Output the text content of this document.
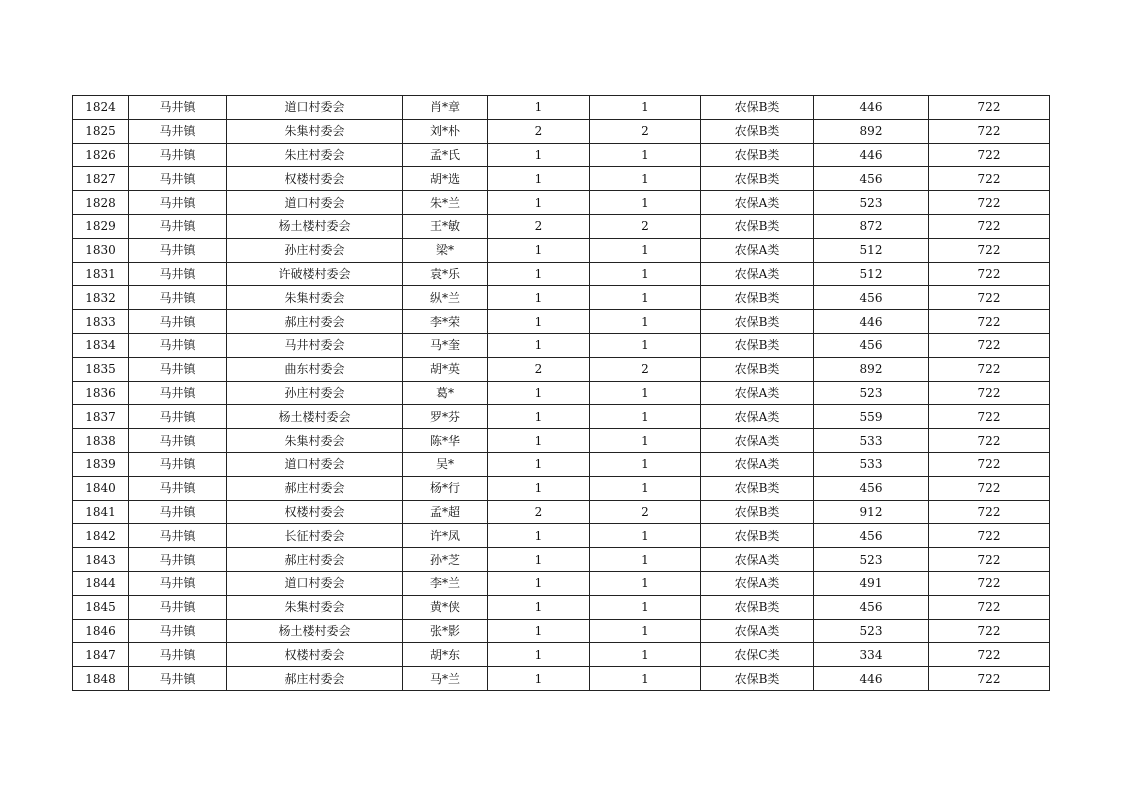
1824	马井镇	道口村委会	肖*章	1	1	农保B类	446	722
1825	马井镇	朱集村委会	刘*朴	2	2	农保B类	892	722
1826	马井镇	朱庄村委会	孟*氏	1	1	农保B类	446	722
1827	马井镇	权楼村委会	胡*选	1	1	农保B类	456	722
1828	马井镇	道口村委会	朱*兰	1	1	农保A类	523	722
1829	马井镇	杨土楼村委会	王*敏	2	2	农保B类	872	722
1830	马井镇	孙庄村委会	梁*	1	1	农保A类	512	722
1831	马井镇	许破楼村委会	袁*乐	1	1	农保A类	512	722
1832	马井镇	朱集村委会	纵*兰	1	1	农保B类	456	722
1833	马井镇	郝庄村委会	李*荣	1	1	农保B类	446	722
1834	马井镇	马井村委会	马*奎	1	1	农保B类	456	722
1835	马井镇	曲东村委会	胡*英	2	2	农保B类	892	722
1836	马井镇	孙庄村委会	葛*	1	1	农保A类	523	722
1837	马井镇	杨土楼村委会	罗*芬	1	1	农保A类	559	722
1838	马井镇	朱集村委会	陈*华	1	1	农保A类	533	722
1839	马井镇	道口村委会	吴*	1	1	农保A类	533	722
1840	马井镇	郝庄村委会	杨*行	1	1	农保B类	456	722
1841	马井镇	权楼村委会	孟*超	2	2	农保B类	912	722
1842	马井镇	长征村委会	许*凤	1	1	农保B类	456	722
1843	马井镇	郝庄村委会	孙*芝	1	1	农保A类	523	722
1844	马井镇	道口村委会	李*兰	1	1	农保A类	491	722
1845	马井镇	朱集村委会	黄*侠	1	1	农保B类	456	722
1846	马井镇	杨土楼村委会	张*影	1	1	农保A类	523	722
1847	马井镇	权楼村委会	胡*东	1	1	农保C类	334	722
1848	马井镇	郝庄村委会	马*兰	1	1	农保B类	446	722
